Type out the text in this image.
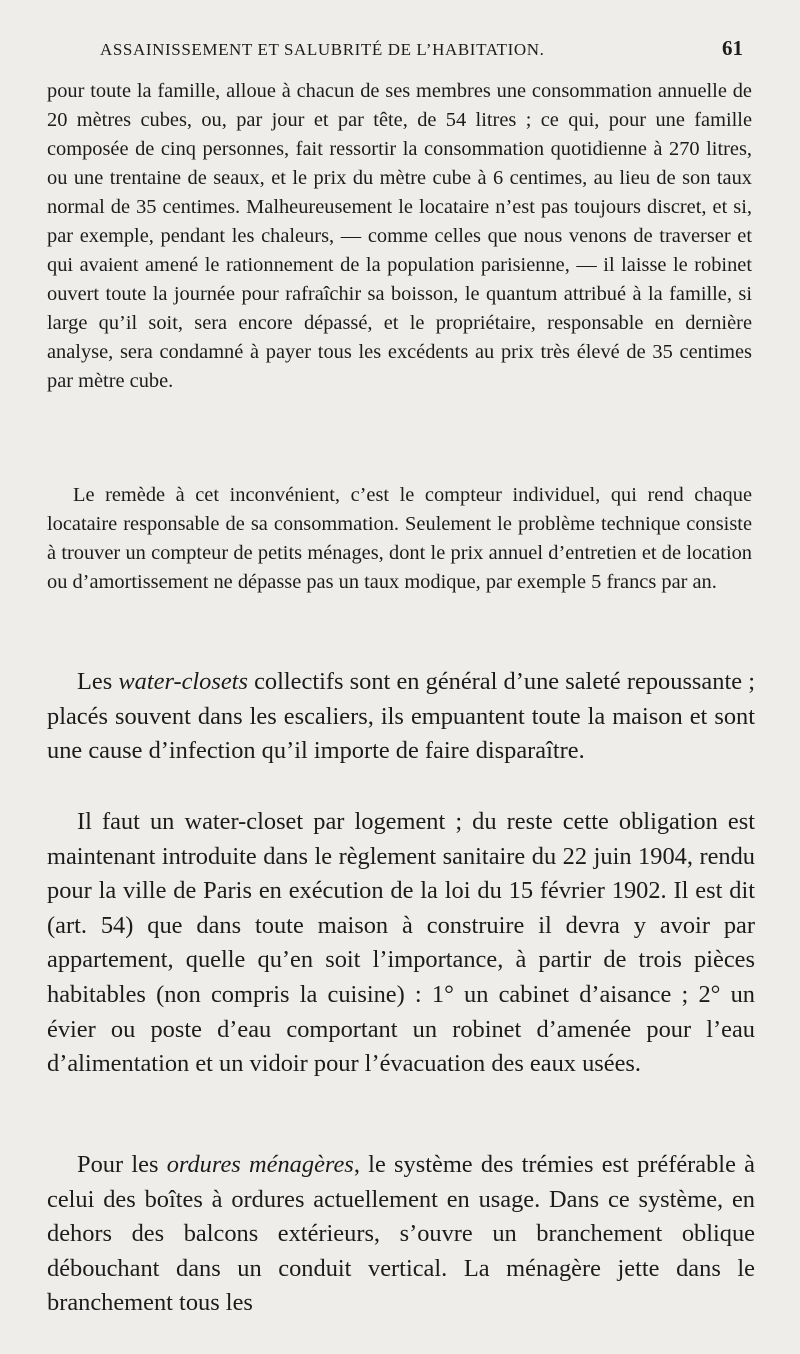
ASSAINISSEMENT ET SALUBRITÉ DE L’HABITATION.	61

pour toute la famille, alloue à chacun de ses membres une consommation annuelle de 20 mètres cubes, ou, par jour et par tête, de 54 litres ; ce qui, pour une famille composée de cinq personnes, fait ressortir la consommation quotidienne à 270 litres, ou une trentaine de seaux, et le prix du mètre cube à 6 centimes, au lieu de son taux normal de 35 centimes. Malheureusement le locataire n’est pas toujours discret, et si, par exemple, pendant les chaleurs, — comme celles que nous venons de traverser et qui avaient amené le rationnement de la population parisienne, — il laisse le robinet ouvert toute la journée pour rafraîchir sa boisson, le quantum attribué à la famille, si large qu’il soit, sera encore dépassé, et le propriétaire, responsable en dernière analyse, sera condamné à payer tous les excédents au prix très élevé de 35 centimes par mètre cube.

Le remède à cet inconvénient, c’est le compteur individuel, qui rend chaque locataire responsable de sa consommation. Seulement le problème technique consiste à trouver un compteur de petits ménages, dont le prix annuel d’entretien et de location ou d’amortissement ne dépasse pas un taux modique, par exemple 5 francs par an.

Les water-closets collectifs sont en général d’une saleté repoussante ; placés souvent dans les escaliers, ils empuantent toute la maison et sont une cause d’infection qu’il importe de faire disparaître.

Il faut un water-closet par logement ; du reste cette obligation est maintenant introduite dans le règlement sanitaire du 22 juin 1904, rendu pour la ville de Paris en exécution de la loi du 15 février 1902. Il est dit (art. 54) que dans toute maison à construire il devra y avoir par appartement, quelle qu’en soit l’importance, à partir de trois pièces habitables (non compris la cuisine) : 1° un cabinet d’aisance ; 2° un évier ou poste d’eau comportant un robinet d’amenée pour l’eau d’alimentation et un vidoir pour l’évacuation des eaux usées.

Pour les ordures ménagères, le système des trémies est préférable à celui des boîtes à ordures actuellement en usage. Dans ce système, en dehors des balcons extérieurs, s’ouvre un branchement oblique débouchant dans un conduit vertical. La ménagère jette dans le branchement tous les
